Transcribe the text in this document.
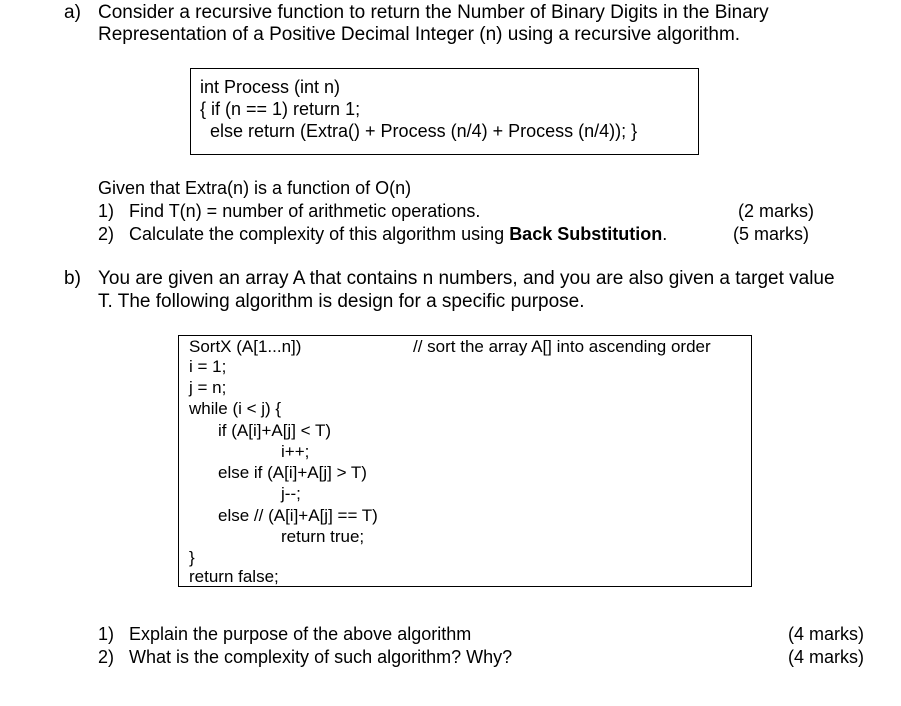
a) Consider a recursive function to return the Number of Binary Digits in the Binary
Representation of a Positive Decimal Integer (n) using a recursive algorithm.
int Process (int n)
{ if (n == 1) return 1;
else return (Extra() + Process (n/4) + Process (n/4)); }
Given that Extra(n) is a function of O(n)
1) Find T(n) = number of arithmetic operations.	(2 marks)
2) Calculate the complexity of this algorithm using Back Substitution.	(5 marks)
b) You are given an array A that contains n numbers, and you are also given a target value
T. The following algorithm is design for a specific purpose.
SortX (A[1...n])	// sort the array A[] into ascending order
i = 1;
j = n;
while (i < j) {
if (A[i]+A[j] < T)
i++;
else if (A[i]+A[j] > T)
j--;
else // (A[i]+A[j] == T)
return true;
}
return false;
1) Explain the purpose of the above algorithm	(4 marks)
2) What is the complexity of such algorithm? Why?	(4 marks)
